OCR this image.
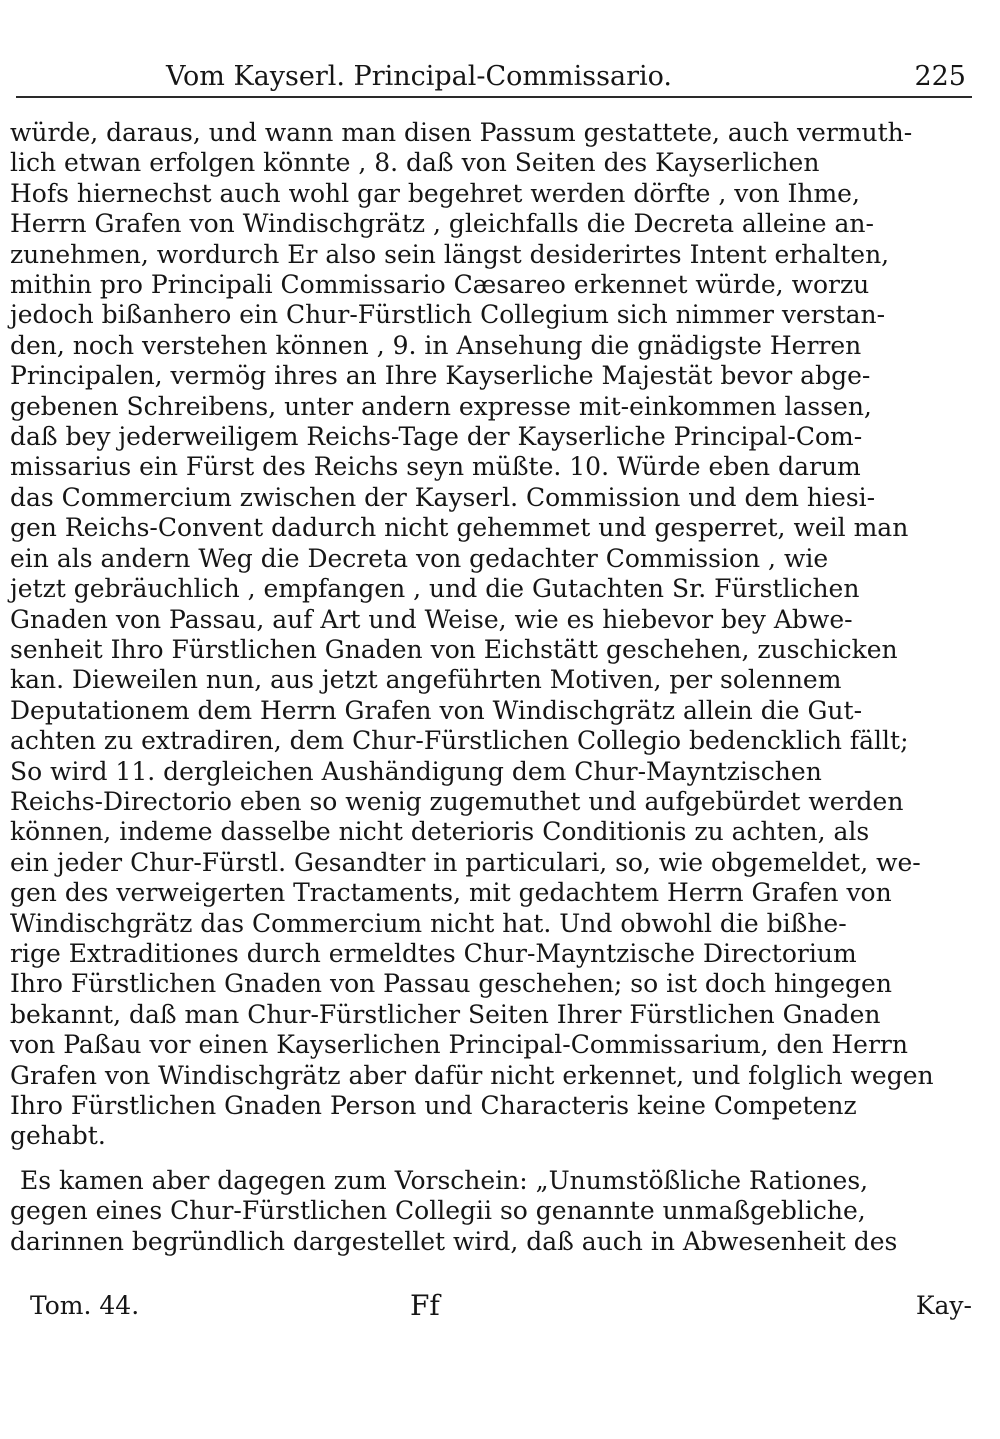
Vom Kayserl. Principal-Commissario.	225
würde, daraus, und wann man disen Passum gestattete, auch vermuth-
lich etwan erfolgen könnte , 8. daß von Seiten des Kayserlichen
Hofs hiernechst auch wohl gar begehret werden dörfte , von Ihme,
Herrn Grafen von Windischgrätz , gleichfalls die Decreta alleine an-
zunehmen, wordurch Er also sein längst desiderirtes Intent erhalten,
mithin pro Principali Commissario Cæsareo erkennet würde, worzu
jedoch bißanhero ein Chur-Fürstlich Collegium sich nimmer verstan-
den, noch verstehen können , 9. in Ansehung die gnädigste Herren
Principalen, vermög ihres an Ihre Kayserliche Majestät bevor abge-
gebenen Schreibens, unter andern expresse mit-einkommen lassen,
daß bey jederweiligem Reichs-Tage der Kayserliche Principal-Com-
missarius ein Fürst des Reichs seyn müßte. 10. Würde eben darum
das Commercium zwischen der Kayserl. Commission und dem hiesi-
gen Reichs-Convent dadurch nicht gehemmet und gesperret, weil man
ein als andern Weg die Decreta von gedachter Commission , wie
jetzt gebräuchlich , empfangen , und die Gutachten Sr. Fürstlichen
Gnaden von Passau, auf Art und Weise, wie es hiebevor bey Abwe-
senheit Ihro Fürstlichen Gnaden von Eichstätt geschehen, zuschicken
kan. Dieweilen nun, aus jetzt angeführten Motiven, per solennem
Deputationem dem Herrn Grafen von Windischgrätz allein die Gut-
achten zu extradiren, dem Chur-Fürstlichen Collegio bedencklich fällt;
So wird 11. dergleichen Aushändigung dem Chur-Mayntzischen
Reichs-Directorio eben so wenig zugemuthet und aufgebürdet werden
können, indeme dasselbe nicht deterioris Conditionis zu achten, als
ein jeder Chur-Fürstl. Gesandter in particulari, so, wie obgemeldet, we-
gen des verweigerten Tractaments, mit gedachtem Herrn Grafen von
Windischgrätz das Commercium nicht hat. Und obwohl die bißhe-
rige Extraditiones durch ermeldtes Chur-Mayntzische Directorium
Ihro Fürstlichen Gnaden von Passau geschehen; so ist doch hingegen
bekannt, daß man Chur-Fürstlicher Seiten Ihrer Fürstlichen Gnaden
von Paßau vor einen Kayserlichen Principal-Commissarium, den Herrn
Grafen von Windischgrätz aber dafür nicht erkennet, und folglich wegen
Ihro Fürstlichen Gnaden Person und Characteris keine Competenz
gehabt.
Es kamen aber dagegen zum Vorschein: „Unumstößliche Rationes,
gegen eines Chur-Fürstlichen Collegii so genannte unmaßgebliche,
darinnen begründlich dargestellet wird, daß auch in Abwesenheit des
Tom. 44.	Ff	Kay-
